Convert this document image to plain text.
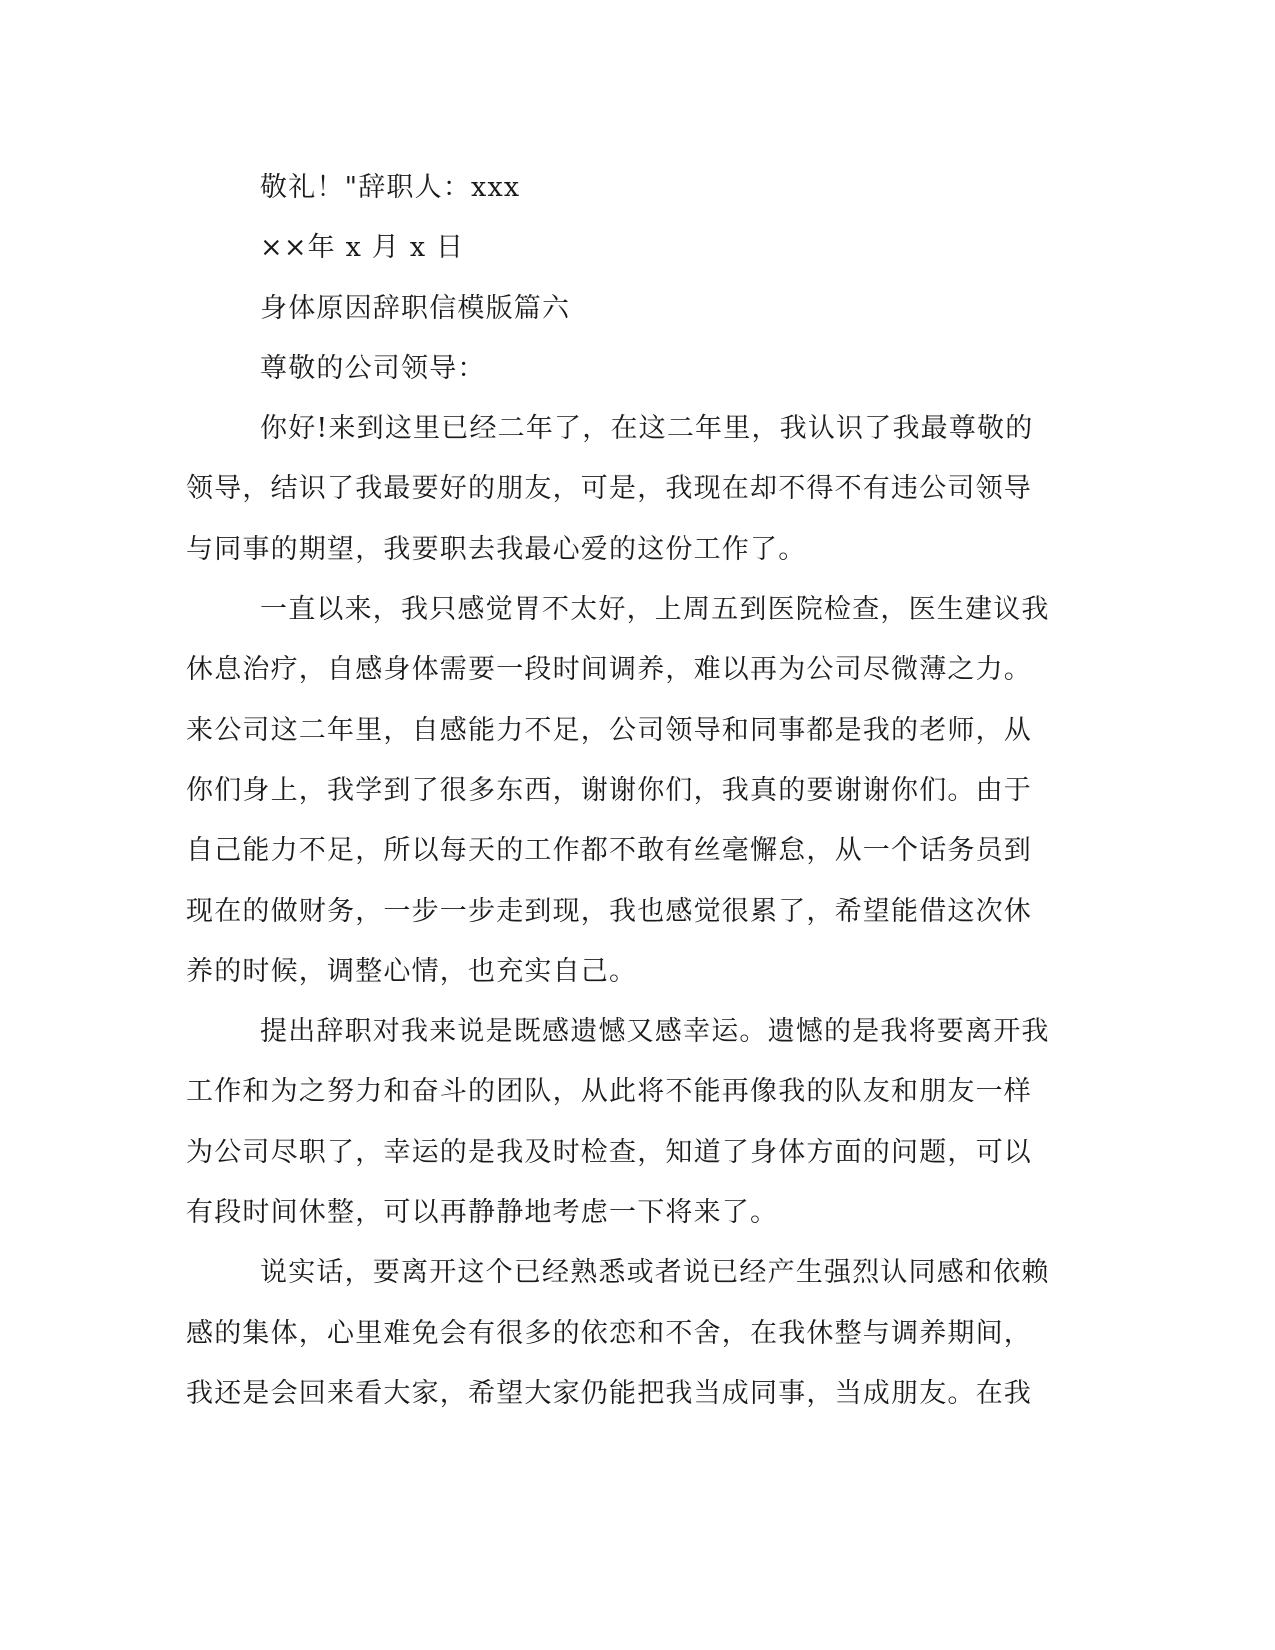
敬礼！"辞职人：xxx

××年 x 月 x 日

身体原因辞职信模版篇六

尊敬的公司领导：

你好!来到这里已经二年了，在这二年里，我认识了我最尊敬的

领导，结识了我最要好的朋友，可是，我现在却不得不有违公司领导

与同事的期望，我要职去我最心爱的这份工作了。

一直以来，我只感觉胃不太好，上周五到医院检查，医生建议我

休息治疗，自感身体需要一段时间调养，难以再为公司尽微薄之力。

来公司这二年里，自感能力不足，公司领导和同事都是我的老师，从

你们身上，我学到了很多东西，谢谢你们，我真的要谢谢你们。由于

自己能力不足，所以每天的工作都不敢有丝毫懈怠，从一个话务员到

现在的做财务，一步一步走到现，我也感觉很累了，希望能借这次休

养的时候，调整心情，也充实自己。

提出辞职对我来说是既感遗憾又感幸运。遗憾的是我将要离开我

工作和为之努力和奋斗的团队，从此将不能再像我的队友和朋友一样

为公司尽职了，幸运的是我及时检查，知道了身体方面的问题，可以

有段时间休整，可以再静静地考虑一下将来了。

说实话，要离开这个已经熟悉或者说已经产生强烈认同感和依赖

感的集体，心里难免会有很多的依恋和不舍，在我休整与调养期间，

我还是会回来看大家，希望大家仍能把我当成同事，当成朋友。在我
